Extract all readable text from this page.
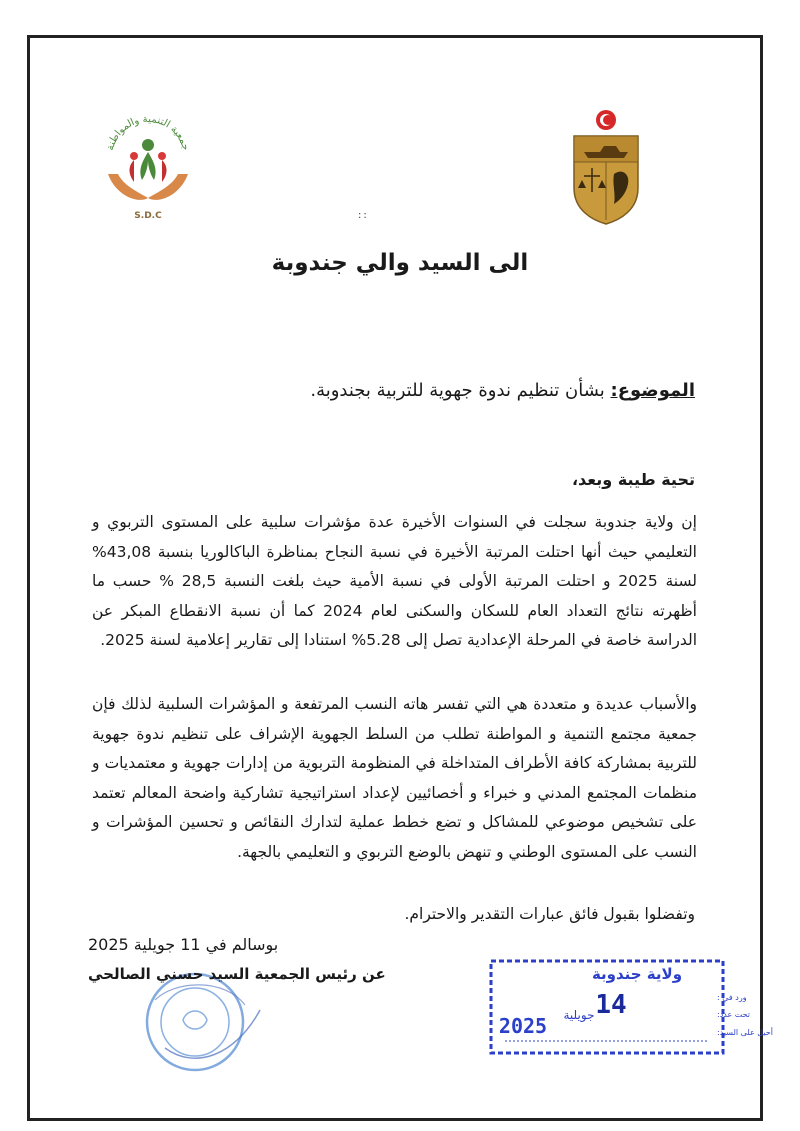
جمعية التنمية والمواطنة
S.D.C	::
الى السيد والي جندوبة
الموضوع: بشأن تنظيم ندوة جهوية للتربية بجندوبة.
تحية طيبة وبعد،
إن ولاية جندوبة سجلت في السنوات الأخيرة عدة مؤشرات سلبية على المستوى التربوي و التعليمي حيث أنها احتلت المرتبة الأخيرة في نسبة النجاح بمناظرة الباكالوريا بنسبة 43,08% لسنة 2025 و احتلت المرتبة الأولى في نسبة الأمية حيث بلغت النسبة 28,5 % حسب ما أظهرته نتائج التعداد العام للسكان والسكنى لعام 2024 كما أن نسبة الانقطاع المبكر عن الدراسة خاصة في المرحلة الإعدادية تصل إلى 5.28% استنادا إلى تقارير إعلامية لسنة 2025.
والأسباب عديدة و متعددة هي التي تفسر هاته النسب المرتفعة و المؤشرات السلبية لذلك فإن جمعية مجتمع التنمية و المواطنة تطلب من السلط الجهوية الإشراف على تنظيم ندوة جهوية للتربية بمشاركة كافة الأطراف المتداخلة في المنظومة التربوية من إدارات جهوية و معتمديات و منظمات المجتمع المدني و خبراء و أخصائيين لإعداد استراتيجية تشاركية واضحة المعالم تعتمد على تشخيص موضوعي للمشاكل و تضع خطط عملية لتدارك النقائص و تحسين المؤشرات و النسب على المستوى الوطني و تنهض بالوضع التربوي و التعليمي بالجهة.
وتفضلوا بقبول فائق عبارات التقدير والاحترام.
بوسالم في 11 جويلية 2025
عن رئيس الجمعية السيد حسني الصالحي	ولاية جندوبة
ورد في :
تحت عدد:
أحيل على السيد:
14
جويلية
2025
